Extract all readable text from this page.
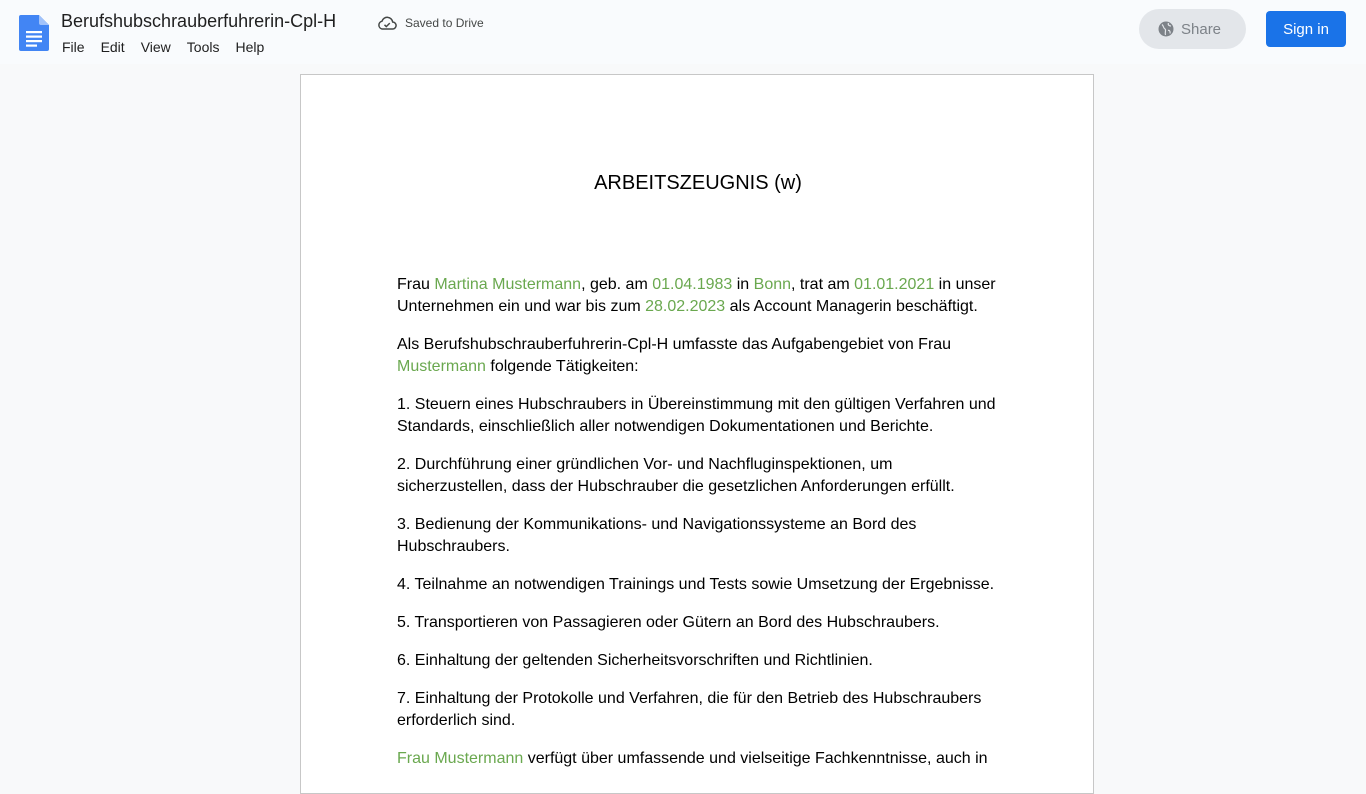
Berufshubschrauberfuhrerin-Cpl-H	Saved to Drive
File	Edit	View	Tools	Help
Share	Sign in
ARBEITSZEUGNIS (w)

Frau Martina Mustermann, geb. am 01.04.1983 in Bonn, trat am 01.01.2021 in unser Unternehmen ein und war bis zum 28.02.2023 als Account Managerin beschäftigt.

Als Berufshubschrauberfuhrerin-Cpl-H umfasste das Aufgabengebiet von Frau Mustermann folgende Tätigkeiten:

1. Steuern eines Hubschraubers in Übereinstimmung mit den gültigen Verfahren und Standards, einschließlich aller notwendigen Dokumentationen und Berichte.

2. Durchführung einer gründlichen Vor- und Nachfluginspektionen, um sicherzustellen, dass der Hubschrauber die gesetzlichen Anforderungen erfüllt.

3. Bedienung der Kommunikations- und Navigationssysteme an Bord des Hubschraubers.

4. Teilnahme an notwendigen Trainings und Tests sowie Umsetzung der Ergebnisse.

5. Transportieren von Passagieren oder Gütern an Bord des Hubschraubers.

6. Einhaltung der geltenden Sicherheitsvorschriften und Richtlinien.

7. Einhaltung der Protokolle und Verfahren, die für den Betrieb des Hubschraubers erforderlich sind.

Frau Mustermann verfügt über umfassende und vielseitige Fachkenntnisse, auch in
